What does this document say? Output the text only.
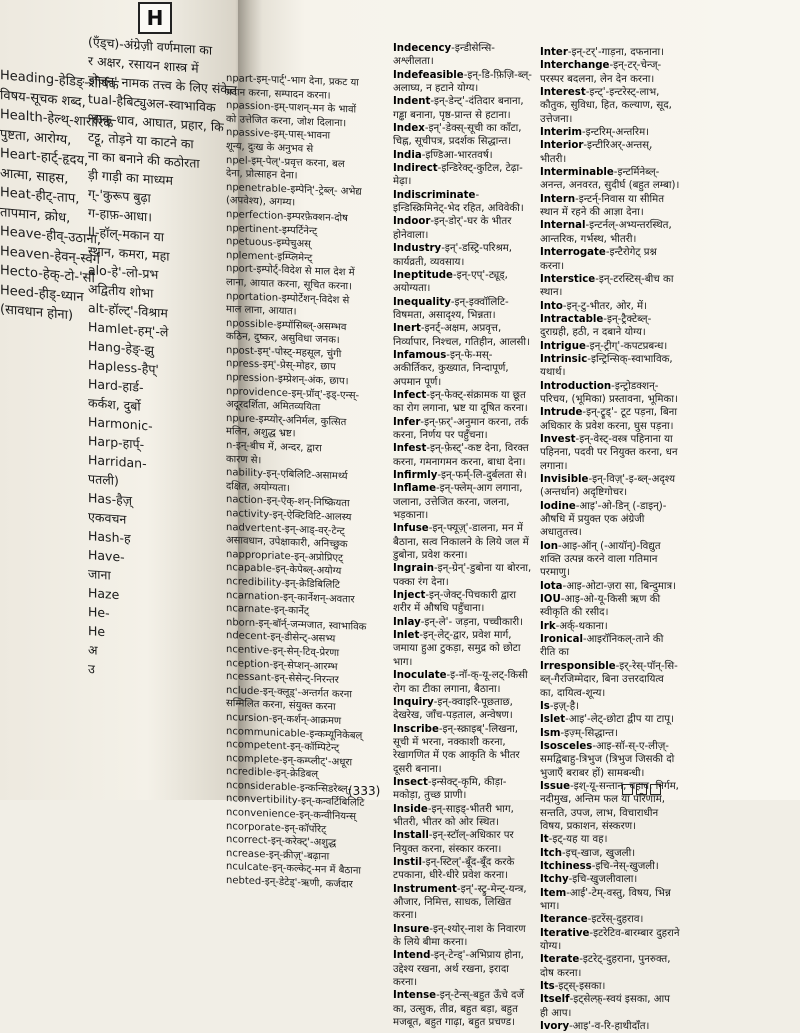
H
(एँड्च)-अंग्रेज़ी वर्णमाला का
र अक्षर, रसायन शास्त्र में
ड्रोजन' नामक तत्त्व के लिए संकेत
tual-हैबिट्युअल-स्वाभाविक
-हाक्-धाव, आघात, प्रहार, कि
टट्टू, तोड़ने या काटने का
ना का बनाने की कठोरता
ड़ी गाड़ी का माध्यम
ग्-'कुरूप बुढ़ा
ग-हाफ़-आधा।
ll-हॉल्-मकान या
स्थान, कमरा, महा
alo-हे'-लो-प्रभ
अद्वितीय शोभा
alt-हॉल्ट्'-विश्राम
Hamlet-हम्'-ले
Hang-हेङ्-झु
Hapless-हैप्'
Hard-हार्ड-
कर्कश, दुर्बो
Harmonic-
Harp-हार्प्-
Harridan-
पतली)
Has-हैज़्
एकवचन
Hash-ह
Have-
जाना
Haze
He-
He
अ
उ
Heading-हेडिङ्-शीर्षक
विषय-सूचक शब्द,
Health-हेल्थ्-शारीरिक
पुष्टता, आरोग्य,
Heart-हार्ट्-हृदय,
आत्मा, साहस,
Heat-हीट्-ताप,
तापमान, क्रोध,
Heave-हीव्-उठाना,
Heaven-हेवन्-स्वर्ग
Hecto-हेक्-टो-'सौ
Heed-हीड्-ध्यान
(सावधान होना)
npart-इम्-पार्ट्'-भाग देना, प्रकट या
प्रदान करना, सम्पादन करना।
npassion-इम्-पाशन्-मन के भावों
को उत्तेजित करना, जोश दिलाना।
npassive-इम्-पास्-भावना
शून्य, दुःख के अनुभव से
npel-इम्-पेल्'-प्रवृत्त करना, बल
देना, प्रोत्साहन देना।
npenetrable-इम्पेनि्'-ट्रेब्ल्- अभेद्य
(अपवेश्य), अगम्य।
nperfection-इम्परफ़ेक्शन-दोष
npertinent-इम्पर्टिनेन्ट्
npetuous-इम्पेचुअस्
nplement-इम्प्लिमेन्ट्
nport-इम्पोर्ट्-विदेश से माल देश में
लाना, आयात करना, सूचित करना।
nportation-इम्पोर्टेशन्-विदेश से
माल लाना, आयात।
npossible-इम्पॉसिब्ल्-असम्भव
कठिन, दुष्कर, असुविधा जनक।
npost-इम्'-पोस्ट्-महसूल, चुंगी
npress-इम्'-प्रेस्-मोहर, छाप
npression-इम्प्रेशन्-अंक, छाप।
nprovidence-इम्-प्रॉव्'-इड्-एन्स्-
अदूरदर्शिता, अमितव्ययिता
npure-इम्प्योर्-अनिर्मल, कुत्सित
मलिन, अशुद्ध भ्रष्ट।
n-इन्-बीच में, अन्दर, द्वारा
कारण से।
nability-इन्-एबिलिटि-असामर्थ्य
दक्षित, अयोग्यता।
naction-इन्-ऐक्-शन्-निष्क्रियता
nactivity-इन्-ऐक्टिविटि-आलस्य
nadvertent-इन्-आड्-वर्-टेन्ट्
असावधान, उपेक्षाकारी, अनिच्छुक
nappropriate-इन्-अप्रोप्रिएट्
ncapable-इन्-केपेब्ल्-अयोग्य
ncredibility-इन्-क्रेडिबिलिटि
ncarnation-इन्-कार्नेशन्-अवतार
ncarnate-इन्-कार्नेट्
nborn-इन्-बॉर्न्-जन्मजात, स्वाभाविक
ndecent-इन्-डीसेन्ट्-असभ्य
ncentive-इन्-सेन्-टिव्-प्रेरणा
nception-इन्-सेप्शन्-आरम्भ
ncessant-इन्-सेसेन्ट्-निरन्तर
nclude-इन्-क्लूड्'-अन्तर्गत करना
सम्मिलित करना, संयुक्त करना
ncursion-इन्-कर्शन्-आक्रमण
ncommunicable-इन्कम्यूनिकेबल्
ncompetent-इन्-कॉम्पिटेन्ट्
ncomplete-इन्-कम्प्लीट्'-अधूरा
ncredible-इन्-क्रेडिबल्
nconsiderable-इन्कन्सिडरेब्ल्-
nconvertibility-इन्-कन्वर्टिबिलिटि
nconvenience-इन्-कन्वीनियन्स्
ncorporate-इन्-कॉर्पोरेट्
ncorrect-इन्-करेक्ट्'-अशुद्ध
ncrease-इन्-क्रीज़्'-बढ़ाना
nculcate-इन्-कल्केट्-मन में बैठाना
nebted-इन्-डेटेड्'-ऋणी, कर्जदार
Indecency-इन्डीसेन्सि-अश्लीलता।
Indefeasible-इन्-डि-फ़िज़ि-ब्ल्-अलाघ्य, न हटाने योग्य।
Indent-इन्-डेन्ट्'-दंतिदार बनाना, गड्ढा बनाना, पृष्ठ-प्रान्त से हटाना।
Index-इन्'-डेक्स्-सूची का काँटा, चिह्न, सूचीपत्र, प्रदर्शक सिद्धान्त।
India-इण्डिआ-भारतवर्ष।
Indirect-इन्डिरेक्ट्-कुटिल, टेढ़ा-मेढ़ा।
Indiscriminate-इन्डिस्क्रिमिनेट्-भेद रहित, अविवेकी।
Indoor-इन्-डोर्'-घर के भीतर होनेवाला।
Industry-इन्'-डस्ट्रि-परिश्रम, कार्यव्रती, व्यवसाय।
Ineptitude-इन्-एप्'-ट्यूड्, अयोग्यता।
Inequality-इन्-इक्वॉलिटि-विषमता, असादृश्य, भिन्नता।
Inert-इनर्ट्-अक्षम, अप्रवृत्त, निर्व्यापार, निश्चल, गतिहीन, आलसी।
Infamous-इन्-फे-मस्-अकीर्तिकर, कुख्यात, निन्दापूर्ण, अपमान पूर्ण।
Infect-इन्-फेक्ट्-संक्रामक या छूत का रोग लगाना, भ्रष्ट या दूषित करना।
Infer-इन्-फ़र्'-अनुमान करना, तर्क करना, निर्णय पर पहुँचना।
Infest-इन्-फ़ेस्ट्'-कष्ट देना, विरक्त करना, गमनागमन करना, बाधा देना।
Infirmly-इन्-फर्म्-लि-दुर्बलता से।
Inflame-इन्-फ्लेम्-आग लगाना, जलाना, उत्तेजित करना, जलना, भड़काना।
Infuse-इन्-फ्यूज़्'-डालना, मन में बैठाना, सत्व निकालने के लिये जल में डुबोना, प्रवेश करना।
Ingrain-इन्-ग्रेन्'-डुबोना या बोरना, पक्का रंग देना।
Inject-इन्-जेक्ट्-पिचकारी द्वारा शरीर में औषधि पहुँचाना।
Inlay-इन्-ले'- जड़ना, पच्चीकारी।
Inlet-इन्-लेट्-द्वार, प्रवेश मार्ग, जमाया हुआ टुकड़ा, समुद्र को छोटा भाग।
Inoculate-इ-नॉ-क्-यू-लट्-किसी रोग का टीका लगाना, बैठाना।
Inquiry-इन्-क्वाइरि-पूछताछ, देखरेख, जाँच-पड़ताल, अन्वेषण।
Inscribe-इन्-स्क्राइब्'-लिखना, सूची में भरना, नक्काशी करना, रेखागणित में एक आकृति के भीतर दूसरी बनाना।
Insect-इन्सेक्ट्-कृमि, कीड़ा-मकोड़ा, तुच्छ प्राणी।
Inside-इन्-साइड्-भीतरी भाग, भीतरी, भीतर को ओर स्थित।
Install-इन्-स्टॉल्-अधिकार पर नियुक्त करना, संस्कार करना।
Instil-इन्-स्टिल्'-बूँद-बूँद करके टपकाना, धीरे-धीरे प्रवेश करना।
Instrument-इन्'-स्ट्रु-मेन्ट्-यन्त्र, औजार, निमित्त, साधक, लिखित करना।
Insure-इन्-श्योर्-नाश के निवारण के लिये बीमा करना।
Intend-इन्-टेन्ड्'-अभिप्राय होना, उद्देश्य रखना, अर्थ रखना, इरादा करना।
Intense-इन्-टेन्स्-बहुत ऊँचे दर्जे का, उत्सुक, तीव्र, बहुत बड़ा, बहुत मजबूत, बहुत गाढ़ा, बहुत प्रचण्ड।
Inter-इन्-टर्'-गाड़ना, दफनाना।
Interchange-इन्-टर्-चेन्ज्-परस्पर बदलना, लेन देन करना।
Interest-इन्ट्'-इन्टरेस्ट्-लाभ, कौतुक, सुविधा, हित, कल्याण, सूद, उत्तेजना।
Interim-इन्टरिम्-अन्तरिम।
Interior-इन्टीरिअर्-अन्तस्, भीतरी।
Interminable-इन्टर्मिनेब्ल्-अनन्त, अनवरत, सुदीर्घ (बहुत लम्बा)।
Intern-इन्टर्न्-निवास या सीमित स्थान में रहने की आज्ञा देना।
Internal-इन्टर्नल्-अभ्यन्तरस्थित, आन्तरिक, गर्भस्थ, भीतरी।
Interrogate-इन्टैरोगेट् प्रश्न करना।
Interstice-इन्-टरस्टिस्-बीच का स्थान।
Into-इन्-टु-भीतर, ओर, में।
Intractable-इन्-ट्रैक्टेब्ल्-दुराग्रही, हठी, न दबाने योग्य।
Intrigue-इन्-ट्रीग्'-कपटप्रबन्ध।
Intrinsic-इन्ट्रिन्सिक्-स्वाभाविक, यथार्थ।
Introduction-इन्ट्रोडक्शन्-परिचय, (भूमिका) प्रस्तावना, भूमिका।
Intrude-इन्-ट्रूड्'- टूट पड़ना, बिना अधिकार के प्रवेश करना, घुस पड़ना।
Invest-इन्-वेस्ट्-वस्त्र पहिनाना या पहिनना, पदवी पर नियुक्त करना, धन लगाना।
Invisible-इन्-विज़्'-इ-ब्ल्-अदृश्य (अन्तर्धान) अदृष्टिगोचर।
Iodine-आइ'-ओ-डिन् (-डाइन्)- औषधि में प्रयुक्त एक अंग्रेजी अधातुतत्त्व।
Ion-आइ-ऑन् (-आयॉन्)-विद्युत शक्ति उत्पन्न करने वाला गतिमान परमाणु।
Iota-आइ-ओटा-ज़रा सा, बिन्दुमात्र।
IOU-आइ-ओ-यू-किसी ऋण की स्वीकृति की रसीद।
Irk-अर्क्-थकाना।
Ironical-आइरॉनिकल्-ताने की रीति का
Irresponsible-इर्-रेस्-पॉन्-सि-ब्ल्-गैरजिम्मेदार, बिना उत्तरदायित्व का, दायित्व-शून्य।
Is-इज़्-है।
Islet-आइ'-लेट्-छोटा द्वीप या टापू।
Ism-इज़्म्-सिद्धान्त।
Isosceles-आइ-सॉ-स्-ए-लीज़्-समद्विबाहु-त्रिभुज (त्रिभुज जिसकी दो भुजाएँ बराबर हों) सामबन्धी।
Issue-इश्-यू-सन्तान, बहाव, निर्गम, नदीमुख, अन्तिम फल या परिणाम, सन्तति, उपज, लाभ, विचाराधीन विषय, प्रकाशन, संस्करण।
It-इट्-यह या वह।
Itch-इच्-खाज, खुजली।
Itchiness-इचि-नेस्-खुजली।
Itchy-इचि-खुजलीवाला।
Item-आई'-टेम्-वस्तु, विषय, भिन्न भाग।
Iterance-इटरेंस्-दुहराव।
Iterative-इटरेटिव-बारम्बार दुहराने योग्य।
Iterate-इटरेट्-दुहराना, पुनरुक्त, दोष करना।
Its-इट्स्-इसका।
Itself-इट्सेल्फ़्-स्वयं इसका, आप ही आप।
Ivory-आइ'-व-रि-हाथीदाँत।
(333)
